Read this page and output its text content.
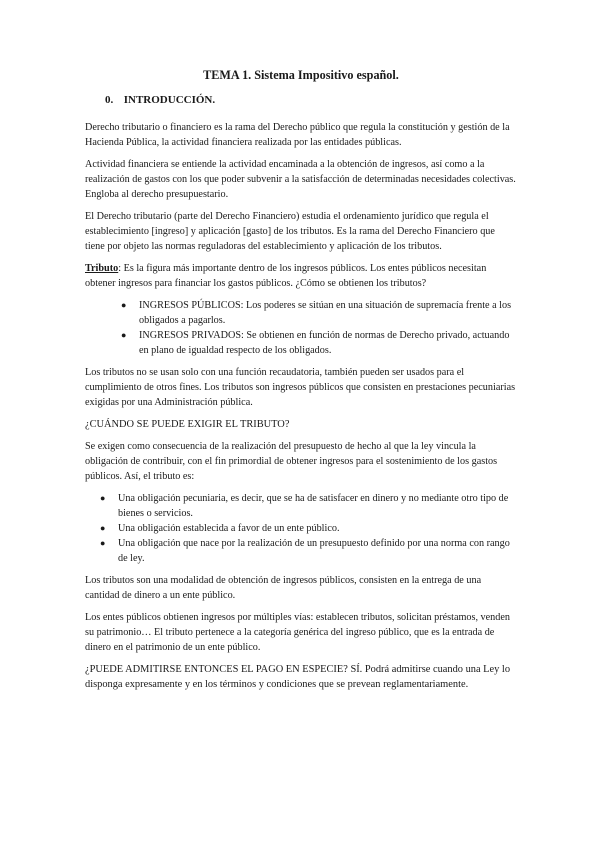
TEMA 1. Sistema Impositivo español.
0. INTRODUCCIÓN.

Derecho tributario o financiero es la rama del Derecho público que regula la constitución y gestión de la Hacienda Pública, la actividad financiera realizada por las entidades públicas.

Actividad financiera se entiende la actividad encaminada a la obtención de ingresos, así como a la realización de gastos con los que poder subvenir a la satisfacción de determinadas necesidades colectivas. Engloba al derecho presupuestario.

El Derecho tributario (parte del Derecho Financiero) estudia el ordenamiento jurídico que regula el establecimiento [ingreso] y aplicación [gasto] de los tributos. Es la rama del Derecho Financiero que tiene por objeto las normas reguladoras del establecimiento y aplicación de los tributos.

Tributo: Es la figura más importante dentro de los ingresos públicos. Los entes públicos necesitan obtener ingresos para financiar los gastos públicos. ¿Cómo se obtienen los tributos?

● INGRESOS PÚBLICOS: Los poderes se sitúan en una situación de supremacía frente a los obligados a pagarlos.
● INGRESOS PRIVADOS: Se obtienen en función de normas de Derecho privado, actuando en plano de igualdad respecto de los obligados.

Los tributos no se usan solo con una función recaudatoria, también pueden ser usados para el cumplimiento de otros fines. Los tributos son ingresos públicos que consisten en prestaciones pecuniarias exigidas por una Administración pública.

¿CUÁNDO SE PUEDE EXIGIR EL TRIBUTO?

Se exigen como consecuencia de la realización del presupuesto de hecho al que la ley vincula la obligación de contribuir, con el fin primordial de obtener ingresos para el sostenimiento de los gastos públicos. Así, el tributo es:

● Una obligación pecuniaria, es decir, que se ha de satisfacer en dinero y no mediante otro tipo de bienes o servicios.
● Una obligación establecida a favor de un ente público.
● Una obligación que nace por la realización de un presupuesto definido por una norma con rango de ley.

Los tributos son una modalidad de obtención de ingresos públicos, consisten en la entrega de una cantidad de dinero a un ente público.

Los entes públicos obtienen ingresos por múltiples vías: establecen tributos, solicitan préstamos, venden su patrimonio… El tributo pertenece a la categoría genérica del ingreso público, que es la entrada de dinero en el patrimonio de un ente público.

¿PUEDE ADMITIRSE ENTONCES EL PAGO EN ESPECIE? SÍ. Podrá admitirse cuando una Ley lo disponga expresamente y en los términos y condiciones que se prevean reglamentariamente.
